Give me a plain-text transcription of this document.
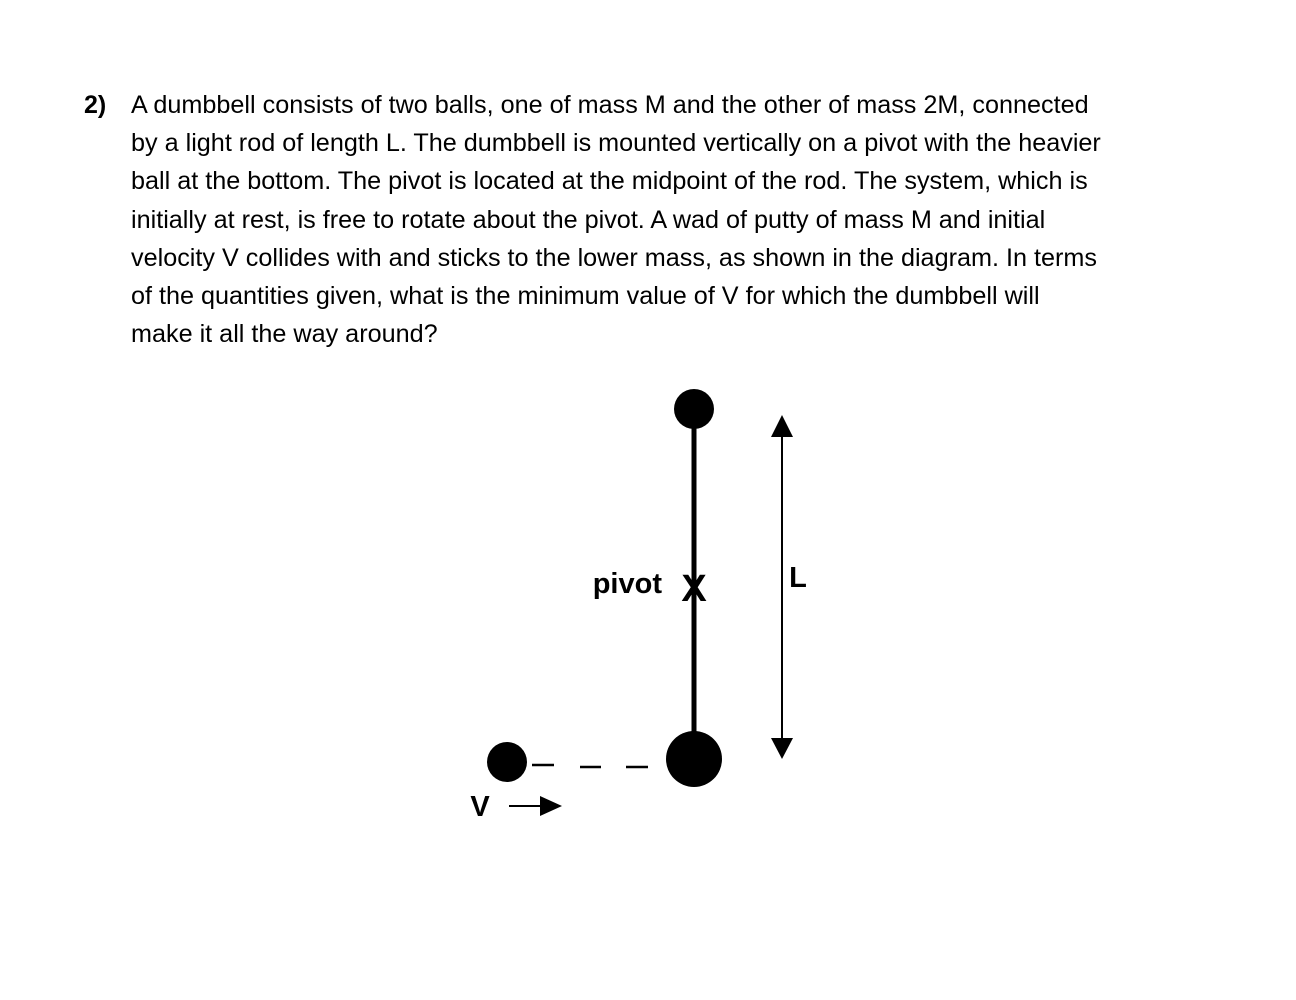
2) A dumbbell consists of two balls, one of mass M and the other of mass 2M, connected
by a light rod of length L. The dumbbell is mounted vertically on a pivot with the heavier
ball at the bottom. The pivot is located at the midpoint of the rod. The system, which is
initially at rest, is free to rotate about the pivot. A wad of putty of mass M and initial
velocity V collides with and sticks to the lower mass, as shown in the diagram. In terms
of the quantities given, what is the minimum value of V for which the dumbbell will
make it all the way around?
X
pivot	L
V
